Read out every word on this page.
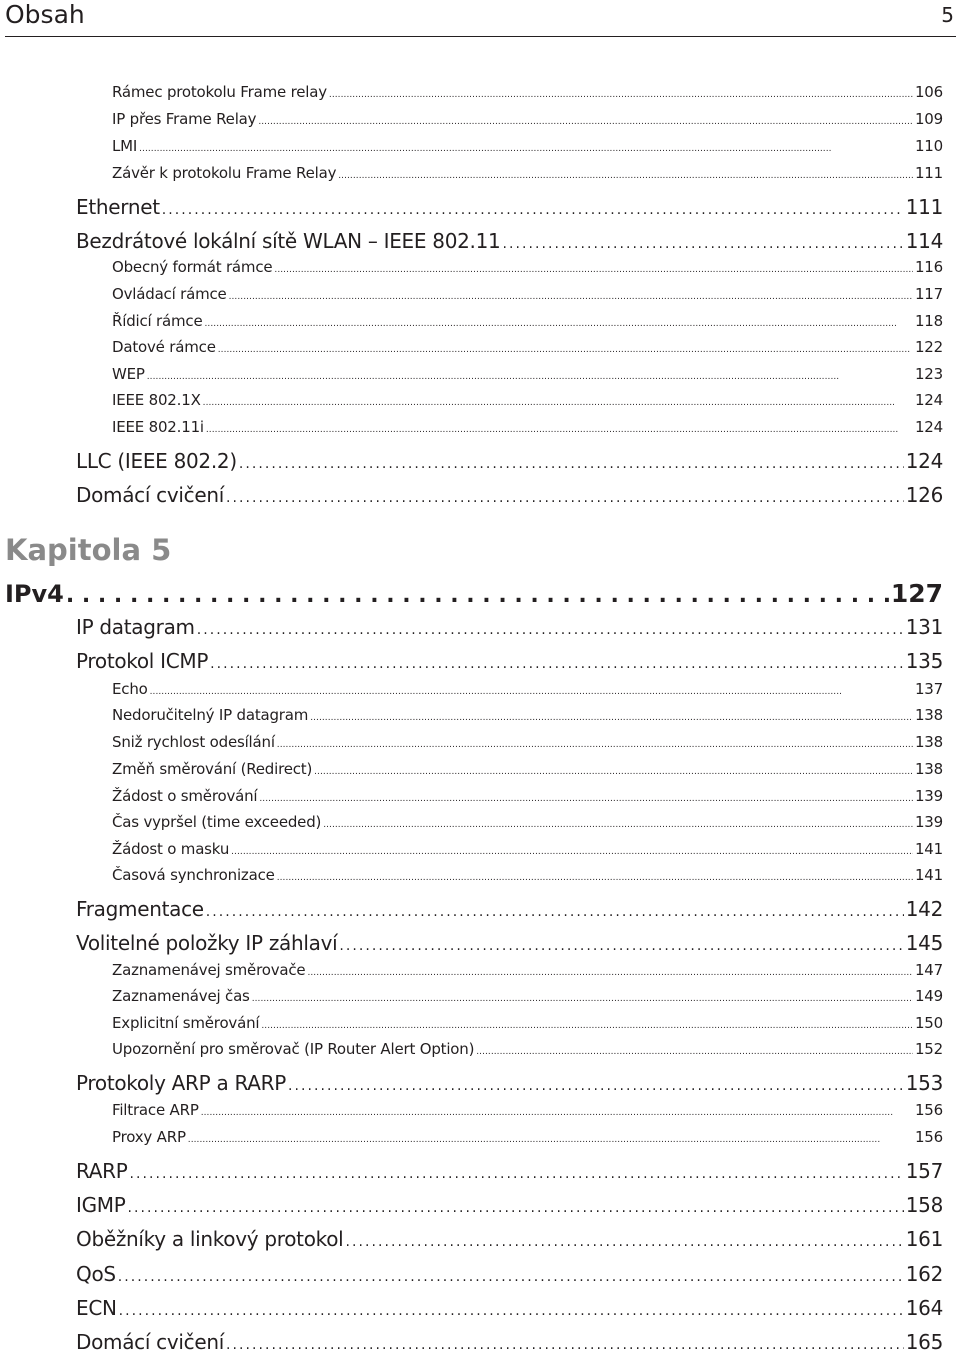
Obsah	5
Kapitola 5
Rámec protokolu Frame relay . . .	106
IP přes Frame Relay . . .	109
LMI . . .	110
Závěr k protokolu Frame Relay . . .	111
Ethernet . . .	111
Bezdrátové lokální sítě WLAN – IEEE 802.11 . . .	114
Obecný formát rámce . . .	116
Ovládací rámce . . .	117
Řídicí rámce . . .	118
Datové rámce . . .	122
WEP . . .	123
IEEE 802.1X . . .	124
IEEE 802.11i . . .	124
LLC (IEEE 802.2) . . .	124
Domácí cvičení . . .	126
IPv4 . . .	127
IP datagram . . .	131
Protokol ICMP . . .	135
Echo . . .	137
Nedoručitelný IP datagram . . .	138
Sniž rychlost odesílání . . .	138
Změň směrování (Redirect) . . .	138
Žádost o směrování . . .	139
Čas vypršel (time exceeded) . . .	139
Žádost o masku . . .	141
Časová synchronizace . . .	141
Fragmentace . . .	142
Volitelné položky IP záhlaví . . .	145
Zaznamenávej směrovače . . .	147
Zaznamenávej čas . . .	149
Explicitní směrování . . .	150
Upozornění pro směrovač (IP Router Alert Option) . . .	152
Protokoly ARP a RARP . . .	153
Filtrace ARP . . .	156
Proxy ARP . . .	156
RARP . . .	157
IGMP . . .	158
Oběžníky a linkový protokol . . .	161
QoS . . .	162
ECN . . .	164
Domácí cvičení . . .	165
